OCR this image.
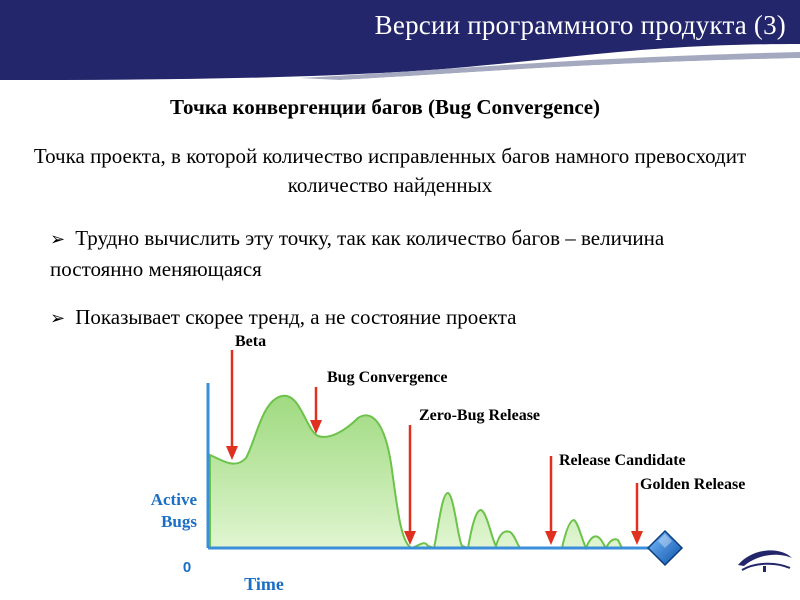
Версии программного продукта (3)
Точка конвергенции багов (Bug Convergence)
Точка проекта, в которой количество исправленных багов намного превосходит количество найденных
➢ Трудно вычислить эту точку, так как количество багов – величина постоянно меняющаяся
➢ Показывает скорее тренд, а не состояние проекта
Beta
Bug Convergence
Zero-Bug Release
Release Candidate
Golden Release
Active
Bugs
0
Time
